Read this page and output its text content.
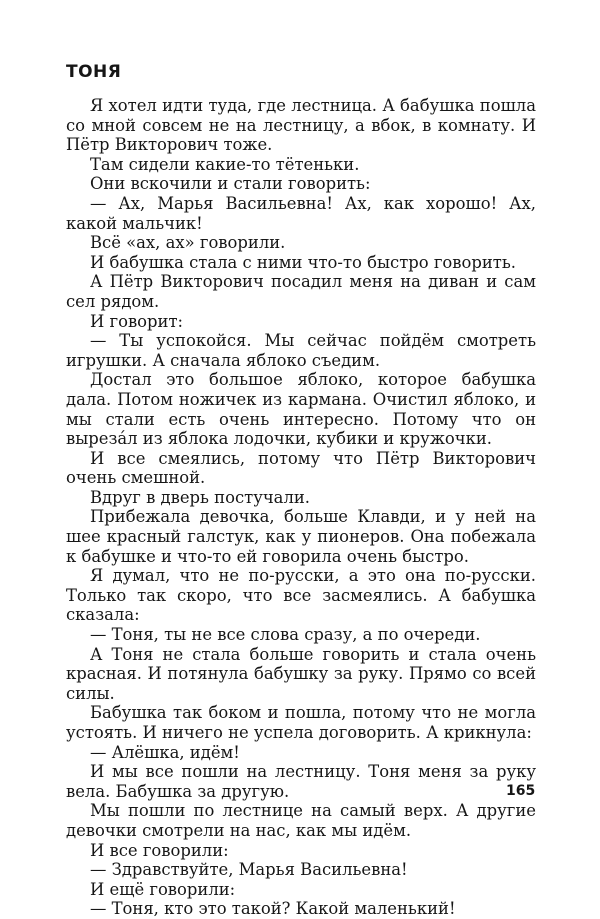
ТОНЯ

Я хотел идти туда, где лестница. А бабушка пошла со мной совсем не на лестницу, а вбок, в комнату. И Пётр Викторович тоже.

Там сидели какие-то тётеньки.

Они вскочили и стали говорить:

— Ах, Марья Васильевна! Ах, как хорошо! Ах, какой мальчик!

Всё «ах, ах» говорили.

И бабушка стала с ними что-то быстро говорить.

А Пётр Викторович посадил меня на диван и сам сел рядом.

И говорит:

— Ты успокойся. Мы сейчас пойдём смотреть игрушки. А сначала яблоко съедим.

Достал это большое яблоко, которое бабушка дала. Потом ножичек из кармана. Очистил яблоко, и мы стали есть очень интересно. Потому что он вырезáл из яблока лодочки, кубики и кружочки.

И все смеялись, потому что Пётр Викторович очень смешной.

Вдруг в дверь постучали.

Прибежала девочка, больше Клавди, и у ней на шее красный галстук, как у пионеров. Она побежала к бабушке и что-то ей говорила очень быстро.

Я думал, что не по-русски, а это она по-русски. Только так скоро, что все засмеялись. А бабушка сказала:

— Тоня, ты не все слова сразу, а по очереди.

А Тоня не стала больше говорить и стала очень красная. И потянула бабушку за руку. Прямо со всей силы.

Бабушка так боком и пошла, потому что не могла устоять. И ничего не успела договорить. А крикнула:

— Алёшка, идём!

И мы все пошли на лестницу. Тоня меня за руку вела. Бабушка за другую.

Мы пошли по лестнице на самый верх. А другие девочки смотрели на нас, как мы идём.

И все говорили:

— Здравствуйте, Марья Васильевна!

И ещё говорили:

— Тоня, кто это такой? Какой маленький!

165
